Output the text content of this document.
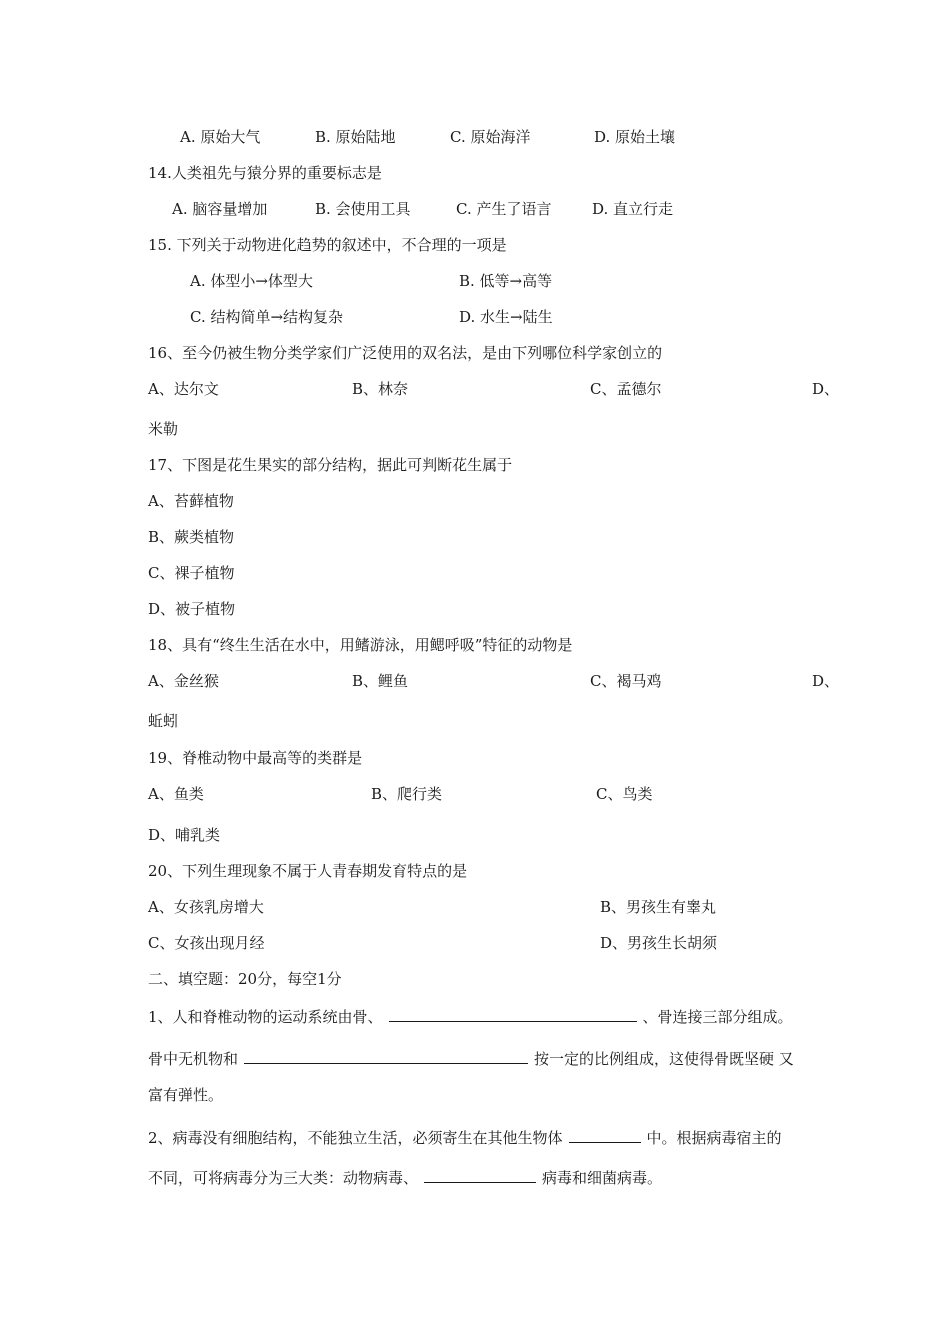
A. 原始大气	B. 原始陆地	C. 原始海洋	D. 原始土壤
14.人类祖先与猿分界的重要标志是
A. 脑容量增加	B. 会使用工具	C. 产生了语言	D. 直立行走
15. 下列关于动物进化趋势的叙述中，不合理的一项是
A. 体型小→体型大	B. 低等→高等
C. 结构简单→结构复杂	D. 水生→陆生
16、至今仍被生物分类学家们广泛使用的双名法，是由下列哪位科学家创立的
A、达尔文	B、林奈	C、孟德尔	D、
米勒
17、下图是花生果实的部分结构，据此可判断花生属于
A、苔藓植物
B、蕨类植物
C、裸子植物
D、被子植物
18、具有“终生生活在水中，用鳍游泳，用鳃呼吸”特征的动物是
A、金丝猴	B、鲤鱼	C、褐马鸡	D、
蚯蚓
19、脊椎动物中最高等的类群是
A、鱼类	B、爬行类	C、鸟类
D、哺乳类
20、下列生理现象不属于人青春期发育特点的是
A、女孩乳房增大	B、男孩生有睾丸
C、女孩出现月经	D、男孩生长胡须
二、填空题：20分，每空1分
1、人和脊椎动物的运动系统由骨、	、骨连接三部分组成。
骨中无机物和	按一定的比例组成，这使得骨既坚硬 又
富有弹性。
2、病毒没有细胞结构，不能独立生活，必须寄生在其他生物体	中。根据病毒宿主的
不同，可将病毒分为三大类：动物病毒、	病毒和细菌病毒。
